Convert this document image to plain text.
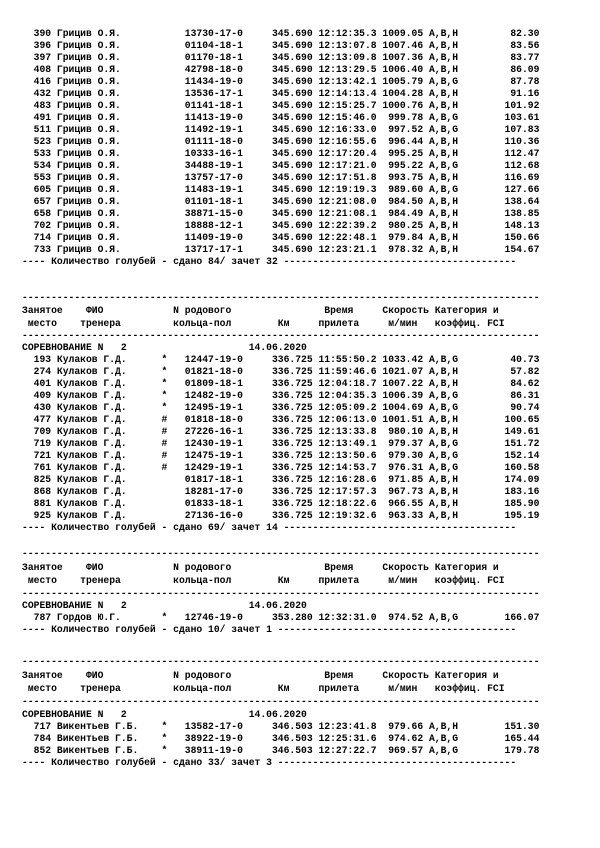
390 Грицив О.Я.           13730-17-0     345.690 12:12:35.3 1009.05 A,B,H         82.30
396 Грицив О.Я.           01104-18-1     345.690 12:13:07.8 1007.46 A,B,H         83.56
397 Грицив О.Я.           01170-18-1     345.690 12:13:09.8 1007.36 A,B,H         83.77
408 Грицив О.Я.           42798-18-0     345.690 12:13:29.5 1006.40 A,B,H         86.09
416 Грицив О.Я.           11434-19-0     345.690 12:13:42.1 1005.79 A,B,G         87.78
432 Грицив О.Я.           13536-17-1     345.690 12:14:13.4 1004.28 A,B,H         91.16
483 Грицив О.Я.           01141-18-1     345.690 12:15:25.7 1000.76 A,B,H        101.92
491 Грицив О.Я.           11413-19-0     345.690 12:15:46.0  999.78 A,B,G        103.61
511 Грицив О.Я.           11492-19-1     345.690 12:16:33.0  997.52 A,B,G        107.83
523 Грицив О.Я.           01111-18-0     345.690 12:16:55.6  996.44 A,B,H        110.36
533 Грицив О.Я.           10333-16-1     345.690 12:17:20.4  995.25 A,B,H        112.47
534 Грицив О.Я.           34488-19-1     345.690 12:17:21.0  995.22 A,B,G        112.68
553 Грицив О.Я.           13757-17-0     345.690 12:17:51.8  993.75 A,B,H        116.69
605 Грицив О.Я.           11483-19-1     345.690 12:19:19.3  989.60 A,B,G        127.66
657 Грицив О.Я.           01101-18-1     345.690 12:21:08.0  984.50 A,B,H        138.64
658 Грицив О.Я.           38871-15-0     345.690 12:21:08.1  984.49 A,B,H        138.85
702 Грицив О.Я.           18888-12-1     345.690 12:22:39.2  980.25 A,B,H        148.13
714 Грицив О.Я.           11409-19-0     345.690 12:22:48.1  979.84 A,B,H        150.66
733 Грицив О.Я.           13717-17-1     345.690 12:23:21.1  978.32 A,B,H        154.67
---- Количество голубей - сдано 84/ зачет 32 ----------------------------------------
-----------------------------------------------------------------------------------------
Занятое    ФИО            N родового                Время     Скорость Категория и
место    тренера         кольца-пол        Км     прилета     м/мин   коэффиц. FCI
-----------------------------------------------------------------------------------------
СОРЕВНОВАНИЕ N   2                     14.06.2020
193 Кулаков Г.Д.      *   12447-19-0     336.725 11:55:50.2 1033.42 A,B,G         40.73
274 Кулаков Г.Д.      *   01821-18-0     336.725 11:59:46.6 1021.07 A,B,H         57.82
401 Кулаков Г.Д.      *   01809-18-1     336.725 12:04:18.7 1007.22 A,B,H         84.62
409 Кулаков Г.Д.      *   12482-19-0     336.725 12:04:35.3 1006.39 A,B,G         86.31
430 Кулаков Г.Д.      *   12495-19-1     336.725 12:05:09.2 1004.69 A,B,G         90.74
477 Кулаков Г.Д.      #   01818-18-0     336.725 12:06:13.0 1001.51 A,B,H        100.65
709 Кулаков Г.Д.      #   27226-16-1     336.725 12:13:33.8  980.10 A,B,H        149.61
719 Кулаков Г.Д.      #   12430-19-1     336.725 12:13:49.1  979.37 A,B,G        151.72
721 Кулаков Г.Д.      #   12475-19-1     336.725 12:13:50.6  979.30 A,B,G        152.14
761 Кулаков Г.Д.      #   12429-19-1     336.725 12:14:53.7  976.31 A,B,G        160.58
825 Кулаков Г.Д.          01817-18-1     336.725 12:16:28.6  971.85 A,B,H        174.09
868 Кулаков Г.Д.          18281-17-0     336.725 12:17:57.3  967.73 A,B,H        183.16
881 Кулаков Г.Д.          01833-18-1     336.725 12:18:22.6  966.55 A,B,H        185.90
925 Кулаков Г.Д.          27136-16-0     336.725 12:19:32.6  963.33 A,B,H        195.19
---- Количество голубей - сдано 69/ зачет 14 ----------------------------------------
-----------------------------------------------------------------------------------------
Занятое    ФИО            N родового                Время     Скорость Категория и
место    тренера         кольца-пол        Км     прилета     м/мин   коэффиц. FCI
-----------------------------------------------------------------------------------------
СОРЕВНОВАНИЕ N   2                     14.06.2020
787 Гордов Ю.Г.       *   12746-19-0     353.280 12:32:31.0  974.52 A,B,G        166.07
---- Количество голубей - сдано 10/ зачет 1 -----------------------------------------
-----------------------------------------------------------------------------------------
Занятое    ФИО            N родового                Время     Скорость Категория и
место    тренера         кольца-пол        Км     прилета     м/мин   коэффиц. FCI
-----------------------------------------------------------------------------------------
СОРЕВНОВАНИЕ N   2                     14.06.2020
717 Викентьев Г.Б.    *   13582-17-0     346.503 12:23:41.8  979.66 A,B,H        151.30
784 Викентьев Г.Б.    *   38922-19-0     346.503 12:25:31.6  974.62 A,B,G        165.44
852 Викентьев Г.Б.    *   38911-19-0     346.503 12:27:22.7  969.57 A,B,G        179.78
---- Количество голубей - сдано 33/ зачет 3 -----------------------------------------
